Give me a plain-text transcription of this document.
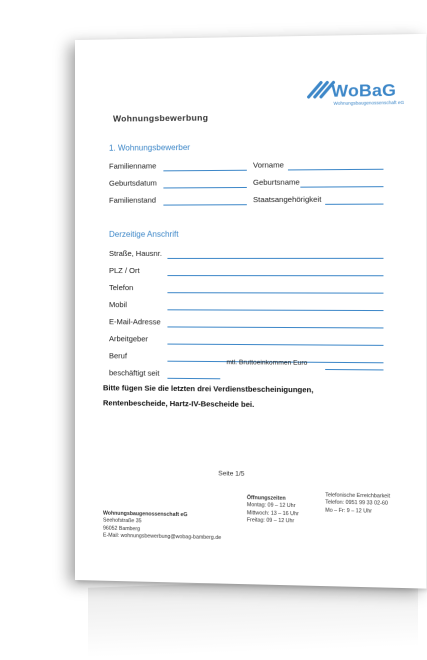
WoBaG
Wohnungsbaugenossenschaft eG
Wohnungsbewerbung
1. Wohnungsbewerber
Familienname	Vorname
Geburtsdatum	Geburtsname
Familienstand	Staatsangehörigkeit
Derzeitige Anschrift
Straße, Hausnr.
PLZ / Ort
Telefon
Mobil
E-Mail-Adresse
Arbeitgeber
Beruf
beschäftigt seit
mtl. Bruttoeinkommen Euro
Bitte fügen Sie die letzten drei Verdienstbescheinigungen, Rentenbescheide, Hartz-IV-Bescheide bei.
Seite 1/5
Wohnungsbaugenossenschaft eG
Seehofstraße 35
96052 Bamberg
E-Mail: wohnungsbewerbung@wobag-bamberg.de
Öffnungszeiten
Montag: 09 – 12 Uhr
Mittwoch: 13 – 16 Uhr
Freitag: 09 – 12 Uhr
Telefonische Erreichbarkeit
Telefon: 0951 99 33 02-60
Mo – Fr: 9 – 12 Uhr
